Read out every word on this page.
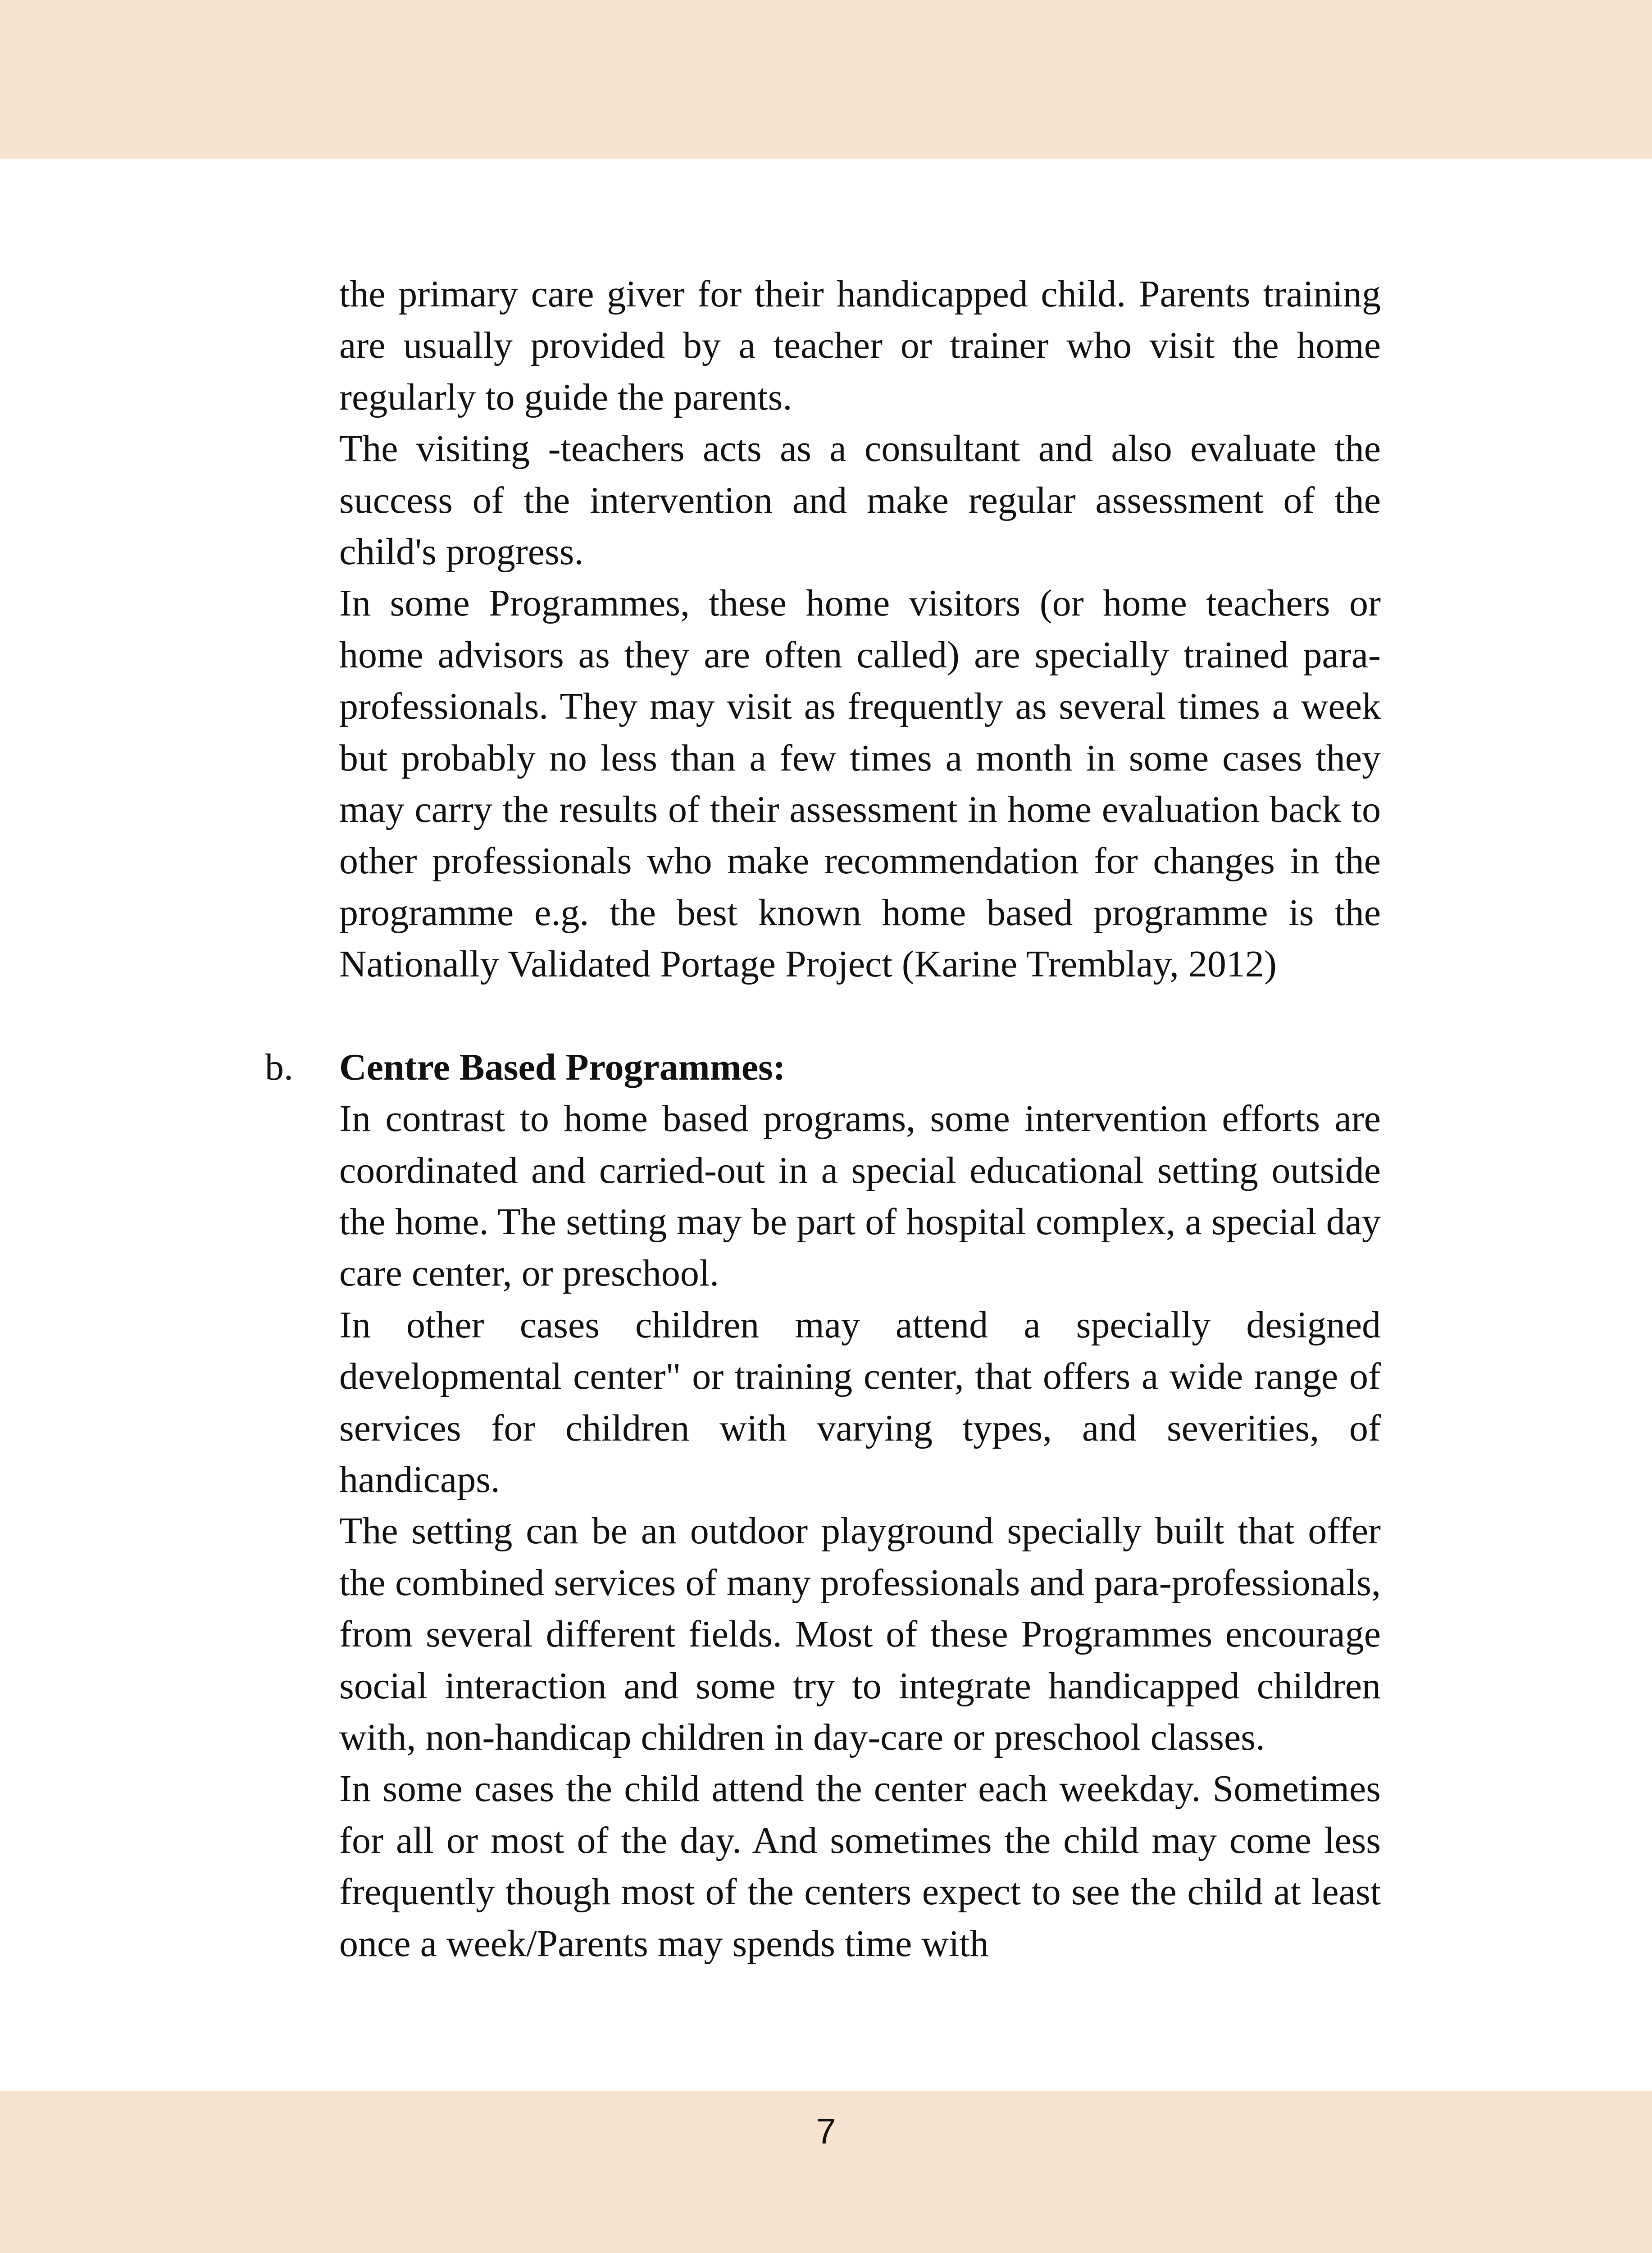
the primary care giver for their handicapped child. Parents training are usually provided by a teacher or trainer who visit the home regularly to guide the parents.

The visiting -teachers acts as a consultant and also evaluate the success of the intervention and make regular assessment of the child's progress.

In some Programmes, these home visitors (or home teachers or home advisors as they are often called) are specially trained para-professionals. They may visit as frequently as several times a week but probably no less than a few times a month in some cases they may carry the results of their assessment in home evaluation back to other professionals who make recommendation for changes in the programme e.g. the best known home based programme is the Nationally Validated Portage Project (Karine Tremblay, 2012)

b. Centre Based Programmes:

In contrast to home based programs, some intervention efforts are coordinated and carried-out in a special educational setting outside the home. The setting may be part of hospital complex, a special day care center, or preschool.

In other cases children may attend a specially designed developmental center" or training center, that offers a wide range of services for children with varying types, and severities, of handicaps.

The setting can be an outdoor playground specially built that offer the combined services of many professionals and para-professionals, from several different fields. Most of these Programmes encourage social interaction and some try to integrate handicapped children with, non-handicap children in day-care or preschool classes.

In some cases the child attend the center each weekday. Sometimes for all or most of the day. And sometimes the child may come less frequently though most of the centers expect to see the child at least once a week/Parents may spends time with

7
